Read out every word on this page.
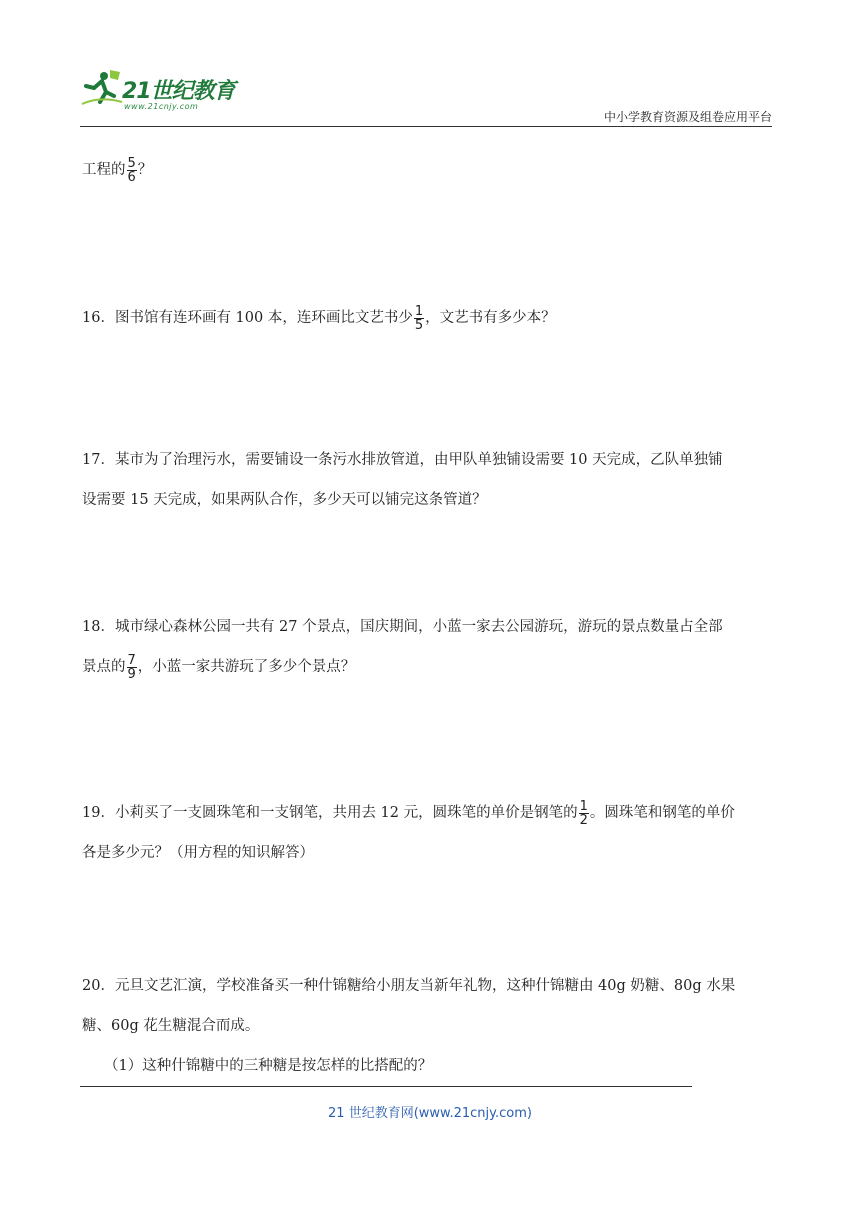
21世纪教育
www.21cnjy.com
中小学教育资源及组卷应用平台
工程的 $\frac{5}{6}$ ？
16．图书馆有连环画有 100 本，连环画比文艺书少 $\frac{1}{5}$ ，文艺书有多少本？
17．某市为了治理污水，需要铺设一条污水排放管道，由甲队单独铺设需要 10 天完成，乙队单独铺
设需要 15 天完成，如果两队合作，多少天可以铺完这条管道？
18．城市绿心森林公园一共有 27 个景点，国庆期间，小蓝一家去公园游玩，游玩的景点数量占全部
景点的 $\frac{7}{9}$ ，小蓝一家共游玩了多少个景点？
19．小莉买了一支圆珠笔和一支钢笔，共用去 12 元，圆珠笔的单价是钢笔的 $\frac{1}{2}$ 。圆珠笔和钢笔的单价
各是多少元？（用方程的知识解答）
20．元旦文艺汇演，学校准备买一种什锦糖给小朋友当新年礼物，这种什锦糖由 40g 奶糖、80g 水果
糖、60g 花生糖混合而成。
（1）这种什锦糖中的三种糖是按怎样的比搭配的？
21 世纪教育网(www.21cnjy.com)
